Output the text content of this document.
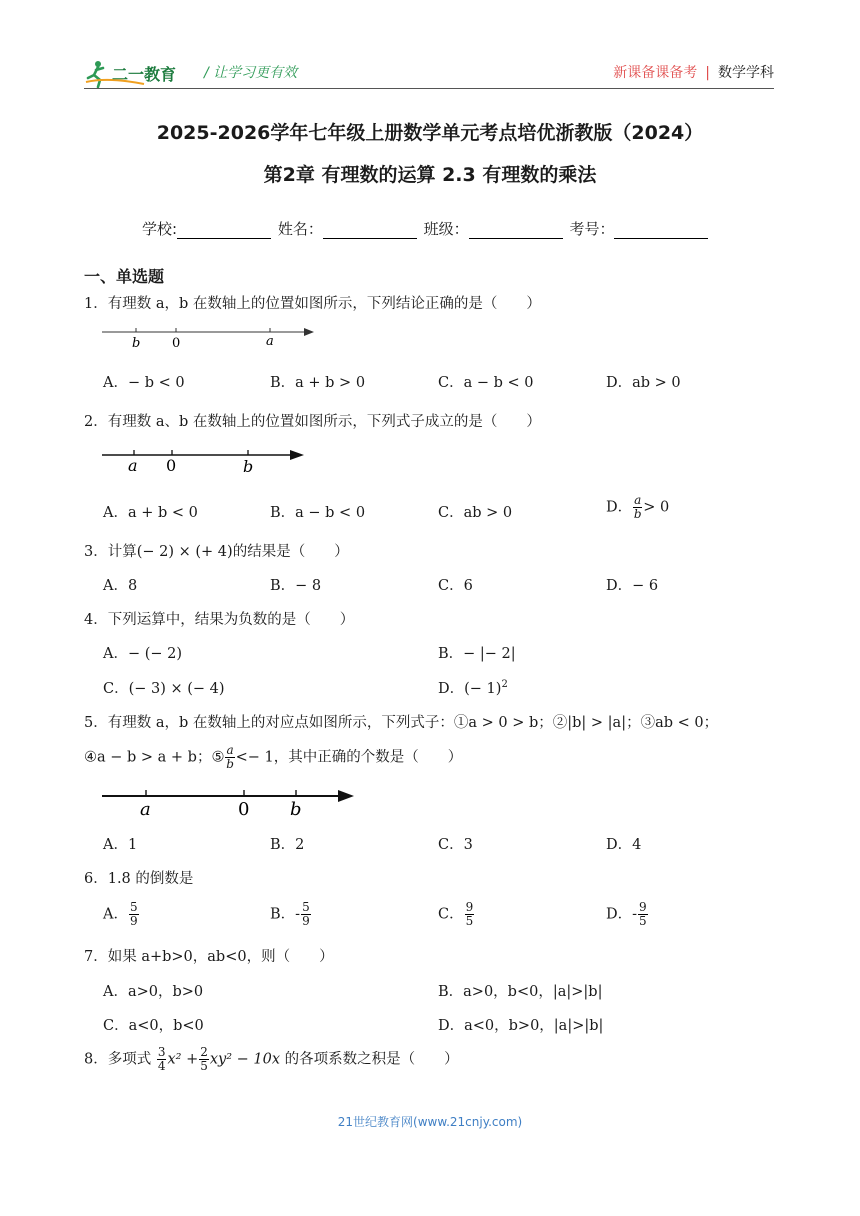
二一教育 / 让学习更有效	新课备课备考 | 数学学科
2025-2026学年七年级上册数学单元考点培优浙教版（2024）
第2章 有理数的运算 2.3 有理数的乘法
学校:	姓名：	班级：	考号：
一、单选题
1．有理数 a，b 在数轴上的位置如图所示，下列结论正确的是（　　）
b 0	a
A．− b < 0	B．a + b > 0	C．a − b < 0	D．ab > 0
2．有理数 a、b 在数轴上的位置如图所示，下列式子成立的是（　　）
a 0	b
A．a + b < 0	B．a − b < 0	C．ab > 0	D． $\frac{a}{b} > 0$
3．计算(− 2) × (+ 4)的结果是（　　）
A．8	B．− 8	C．6	D．− 6
4．下列运算中，结果为负数的是（　　）
A．− (− 2)	B．− |− 2|
C．(− 3) × (− 4)	D．(− 1)$^2$
5．有理数 a，b 在数轴上的对应点如图所示，下列式子：①a > 0 > b；②|b| > |a|；③ab < 0；
④a − b > a + b；⑤ $\frac{a}{b} <- 1$，其中正确的个数是（　　）
a	0 b
A．1	B．2	C．3	D．4
6．1.8 的倒数是
A． $\frac{5}{9}$	B．- $\frac{5}{9}$	C． $\frac{9}{5}$	D．- $\frac{9}{5}$
7．如果 a+b>0，ab<0，则（　　）
A．a>0，b>0	B．a>0，b<0，|a|>|b|
C．a<0，b<0	D．a<0，b>0，|a|>|b|
8．多项式 $\frac{3}{4} x^2 + \frac{2}{5} xy^2 - 10x$ 的各项系数之积是（　　）
21世纪教育网(www.21cnjy.com)
